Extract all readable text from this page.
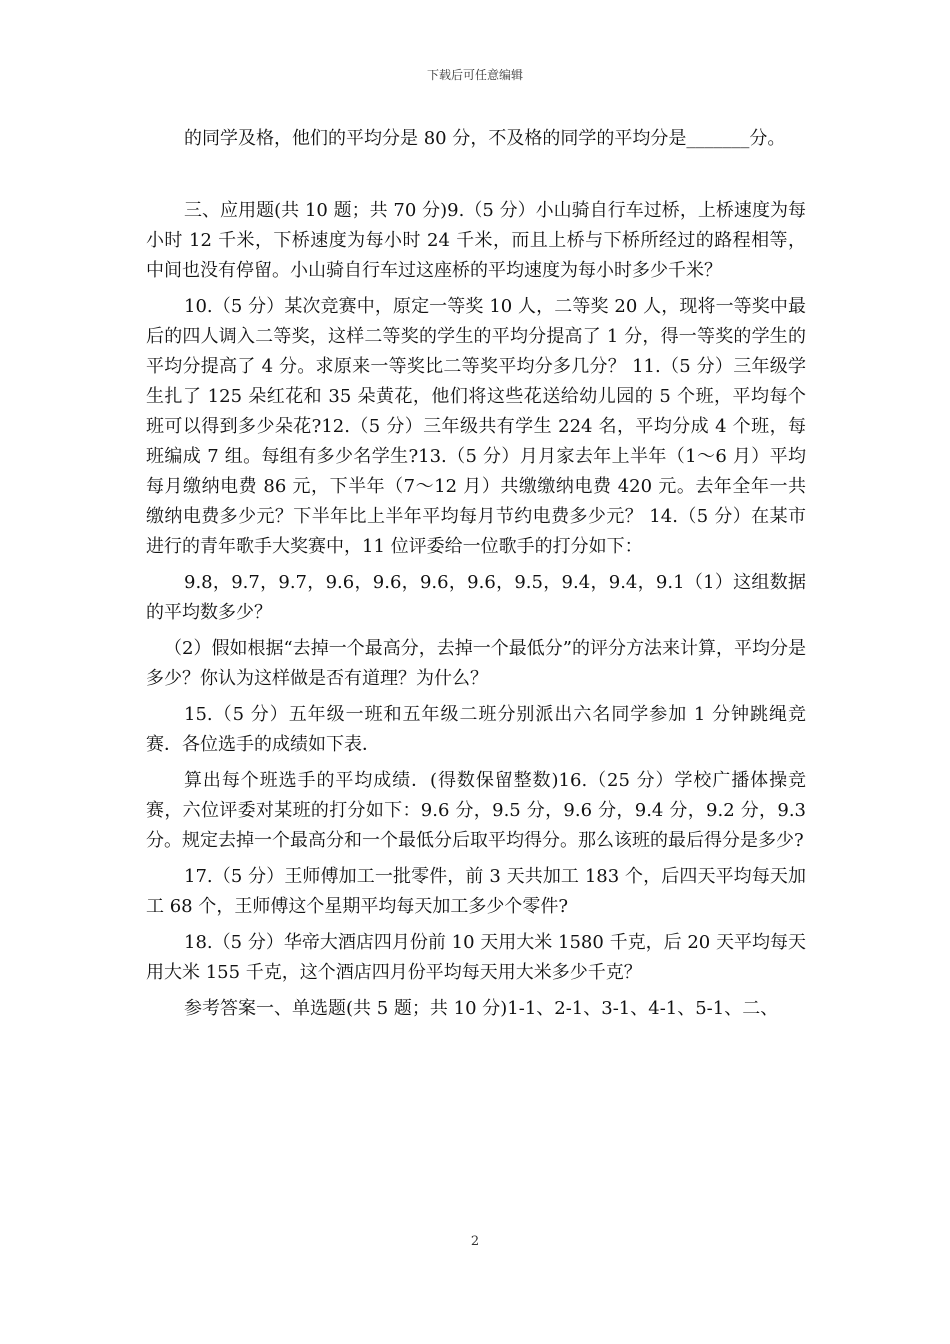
下载后可任意编辑

的同学及格，他们的平均分是 80 分，不及格的同学的平均分是_______分。

三、应用题(共 10 题；共 70 分)9.（5 分）小山骑自行车过桥，上桥速度为每小时 12 千米，下桥速度为每小时 24 千米，而且上桥与下桥所经过的路程相等，中间也没有停留。小山骑自行车过这座桥的平均速度为每小时多少千米？

10.（5 分）某次竞赛中，原定一等奖 10 人，二等奖 20 人，现将一等奖中最后的四人调入二等奖，这样二等奖的学生的平均分提高了 1 分，得一等奖的学生的平均分提高了 4 分。求原来一等奖比二等奖平均分多几分？ 11.（5 分）三年级学生扎了 125 朵红花和 35 朵黄花，他们将这些花送给幼儿园的 5 个班，平均每个班可以得到多少朵花?12.（5 分）三年级共有学生 224 名，平均分成 4 个班，每班编成 7 组。每组有多少名学生?13.（5 分）月月家去年上半年（1～6 月）平均每月缴纳电费 86 元，下半年（7～12 月）共缴缴纳电费 420 元。去年全年一共缴纳电费多少元？下半年比上半年平均每月节约电费多少元？ 14.（5 分）在某市进行的青年歌手大奖赛中，11 位评委给一位歌手的打分如下：

9.8，9.7，9.7，9.6，9.6，9.6，9.6，9.5，9.4，9.4，9.1（1）这组数据的平均数多少？

（2）假如根据“去掉一个最高分，去掉一个最低分”的评分方法来计算，平均分是多少？你认为这样做是否有道理？为什么？

15.（5 分）五年级一班和五年级二班分别派出六名同学参加 1 分钟跳绳竞赛．各位选手的成绩如下表．

算出每个班选手的平均成绩．(得数保留整数)16.（25 分）学校广播体操竞赛，六位评委对某班的打分如下：9.6 分，9.5 分，9.6 分，9.4 分，9.2 分，9.3 分。规定去掉一个最高分和一个最低分后取平均得分。那么该班的最后得分是多少?

17.（5 分）王师傅加工一批零件，前 3 天共加工 183 个，后四天平均每天加工 68 个，王师傅这个星期平均每天加工多少个零件?

18.（5 分）华帝大酒店四月份前 10 天用大米 1580 千克，后 20 天平均每天用大米 155 千克，这个酒店四月份平均每天用大米多少千克？

参考答案一、单选题(共 5 题；共 10 分)1-1、2-1、3-1、4-1、5-1、二、

2
